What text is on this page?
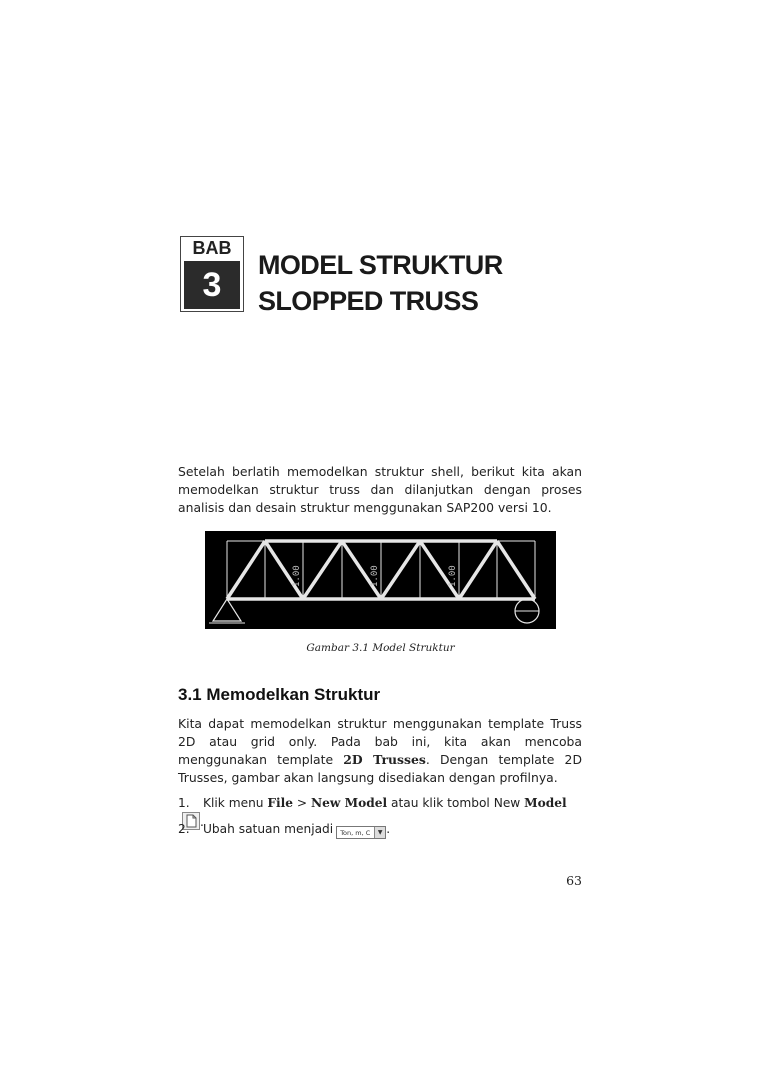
BAB
3
MODEL STRUKTUR
SLOPPED TRUSS

Setelah berlatih memodelkan struktur shell, berikut kita akan memodelkan struktur truss dan dilanjutkan dengan proses analisis dan desain struktur menggunakan SAP200 versi 10.

1.00	1.00	1.00
Gambar 3.1 Model Struktur
3.1 Memodelkan Struktur

Kita dapat memodelkan struktur menggunakan template Truss 2D atau grid only. Pada bab ini, kita akan mencoba menggunakan template 2D Trusses. Dengan template 2D Trusses, gambar akan langsung disediakan dengan profilnya.

1. Klik menu File > New Model atau klik tombol New Model.
2. Ubah satuan menjadi Ton, m, C	▼ .
63
